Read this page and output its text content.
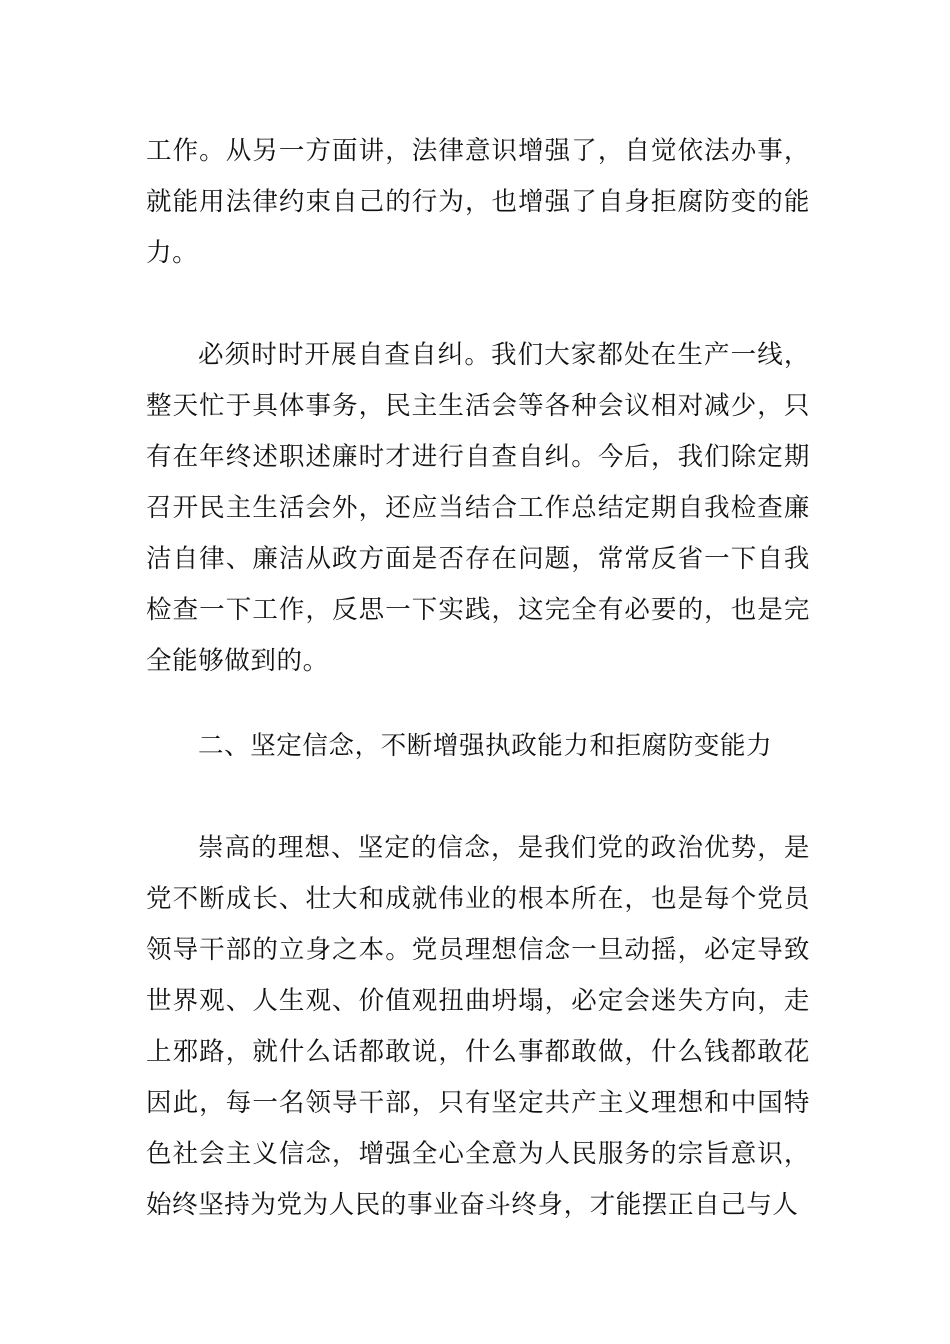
工作。从另一方面讲，法律意识增强了，自觉依法办事，就能用法律约束自己的行为，也增强了自身拒腐防变的能力。

必须时时开展自查自纠。我们大家都处在生产一线，整天忙于具体事务，民主生活会等各种会议相对减少，只有在年终述职述廉时才进行自查自纠。今后，我们除定期召开民主生活会外，还应当结合工作总结定期自我检查廉洁自律、廉洁从政方面是否存在问题，常常反省一下自我检查一下工作，反思一下实践，这完全有必要的，也是完全能够做到的。

二、坚定信念，不断增强执政能力和拒腐防变能力

崇高的理想、坚定的信念，是我们党的政治优势，是党不断成长、壮大和成就伟业的根本所在，也是每个党员领导干部的立身之本。党员理想信念一旦动摇，必定导致世界观、人生观、价值观扭曲坍塌，必定会迷失方向，走上邪路，就什么话都敢说，什么事都敢做，什么钱都敢花因此，每一名领导干部，只有坚定共产主义理想和中国特色社会主义信念，增强全心全意为人民服务的宗旨意识，始终坚持为党为人民的事业奋斗终身，才能摆正自己与人
